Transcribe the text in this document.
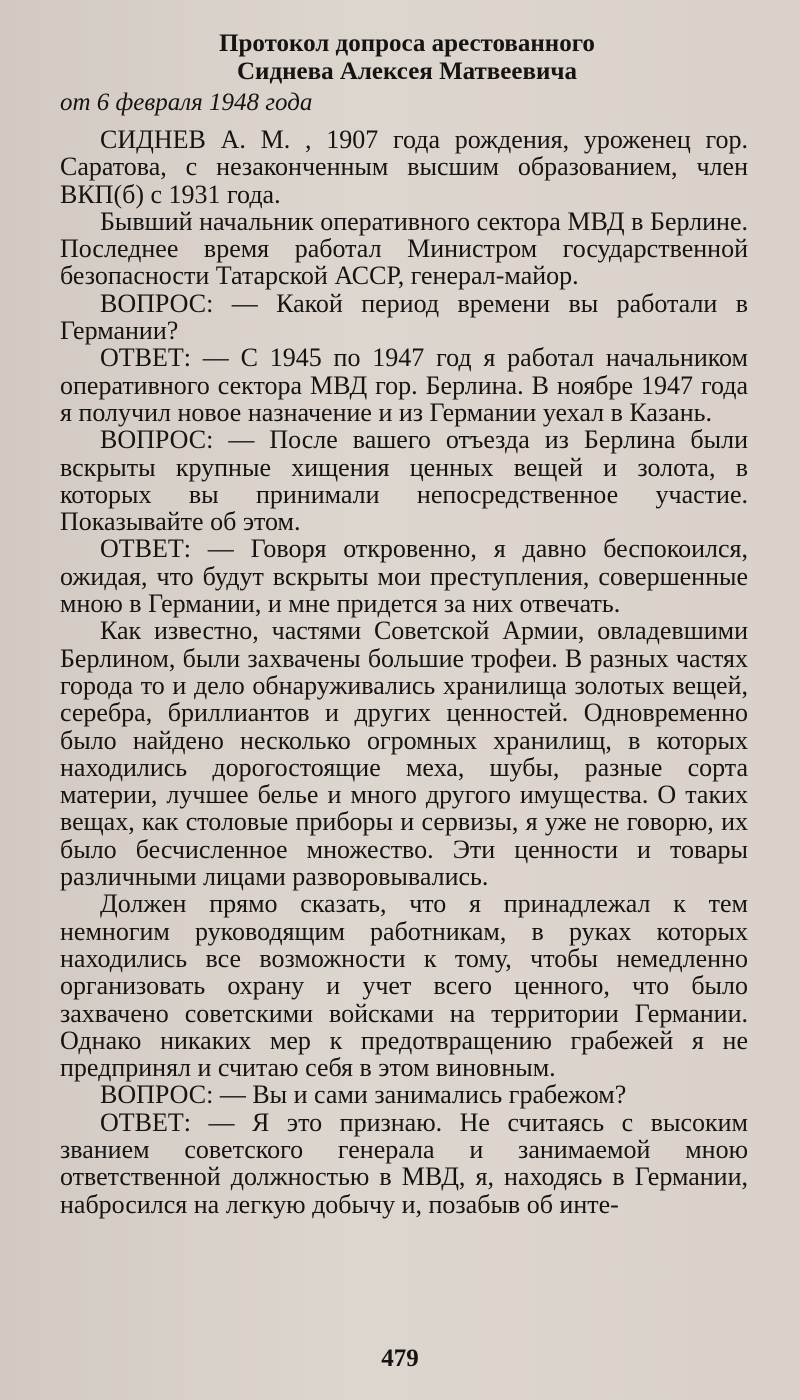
Протокол допроса арестованного
Сиднева Алексея Матвеевича
от 6 февраля 1948 года

СИДНЕВ А. М. , 1907 года рождения, уроженец гор. Саратова, с незаконченным высшим образованием, член ВКП(б) с 1931 года.

Бывший начальник оперативного сектора МВД в Берлине. Последнее время работал Министром государственной безопасности Татарской АССР, генерал-майор.

ВОПРОС: — Какой период времени вы работали в Германии?

ОТВЕТ: — С 1945 по 1947 год я работал начальником оперативного сектора МВД гор. Берлина. В ноябре 1947 года я получил новое назначение и из Германии уехал в Казань.

ВОПРОС: — После вашего отъезда из Берлина были вскрыты крупные хищения ценных вещей и золота, в которых вы принимали непосредственное участие. Показывайте об этом.

ОТВЕТ: — Говоря откровенно, я давно беспокоился, ожидая, что будут вскрыты мои преступления, совершенные мною в Германии, и мне придется за них отвечать.

Как известно, частями Советской Армии, овладевшими Берлином, были захвачены большие трофеи. В разных частях города то и дело обнаруживались хранилища золотых вещей, серебра, бриллиантов и других ценностей. Одновременно было найдено несколько огромных хранилищ, в которых находились дорогостоящие меха, шубы, разные сорта материи, лучшее белье и много другого имущества. О таких вещах, как столовые приборы и сервизы, я уже не говорю, их было бесчисленное множество. Эти ценности и товары различными лицами разворовывались.

Должен прямо сказать, что я принадлежал к тем немногим руководящим работникам, в руках которых находились все возможности к тому, чтобы немедленно организовать охрану и учет всего ценного, что было захвачено советскими войсками на территории Германии. Однако никаких мер к предотвращению грабежей я не предпринял и считаю себя в этом виновным.

ВОПРОС: — Вы и сами занимались грабежом?

ОТВЕТ: — Я это признаю. Не считаясь с высоким званием советского генерала и занимаемой мною ответственной должностью в МВД, я, находясь в Германии, набросился на легкую добычу и, позабыв об инте-

479
